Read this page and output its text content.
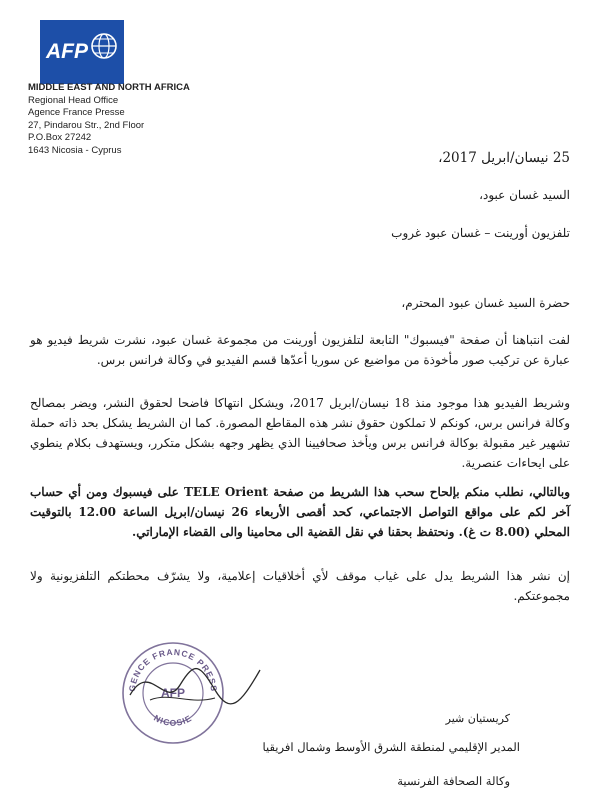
AFP
MIDDLE EAST AND NORTH AFRICA
Regional Head Office
Agence France Presse
27, Pindarou Str., 2nd Floor
P.O.Box 27242
1643 Nicosia - Cyprus	25 نيسان/ابريل 2017،
السيد غسان عبود،
تلفزيون أورينت – غسان عبود غروب
حضرة السيد غسان عبود المحترم،
لفت انتباهنا أن صفحة "فيسبوك" التابعة لتلفزيون أورينت من مجموعة غسان عبود، نشرت شريط فيديو هو عبارة عن تركيب صور مأخوذة من مواضيع عن سوريا أعدّها قسم الفيديو في وكالة فرانس برس.
وشريط الفيديو هذا موجود منذ 18 نيسان/ابريل 2017، ويشكل انتهاكا فاضحا لحقوق النشر، ويضر بمصالح وكالة فرانس برس، كونكم لا تملكون حقوق نشر هذه المقاطع المصورة. كما ان الشريط يشكل بحد ذاته حملة تشهير غير مقبولة بوكالة فرانس برس ويأخذ صحافيينا الذي يظهر وجهه بشكل متكرر، ويستهدف بكلام ينطوي على ايحاءات عنصرية.
وبالتالي، نطلب منكم بإلحاح سحب هذا الشريط من صفحة TELE Orient على فيسبوك ومن أي حساب آخر لكم على مواقع التواصل الاجتماعي، كحد أقصى الأربعاء 26 نيسان/ابريل الساعة 12.00 بالتوقيت المحلي (8.00 ت غ). ونحتفظ بحقنا في نقل القضية الى محامينا والى القضاء الإماراتي.
إن نشر هذا الشريط يدل على غياب موقف لأي أخلاقيات إعلامية، ولا يشرّف محطتكم التلفزيونية ولا مجموعتكم.
GENCE FRANCE PRESS
NICOSIE
AFP
كريستيان شير
المدير الإقليمي لمنطقة الشرق الأوسط وشمال افريقيا
وكالة الصحافة الفرنسية
